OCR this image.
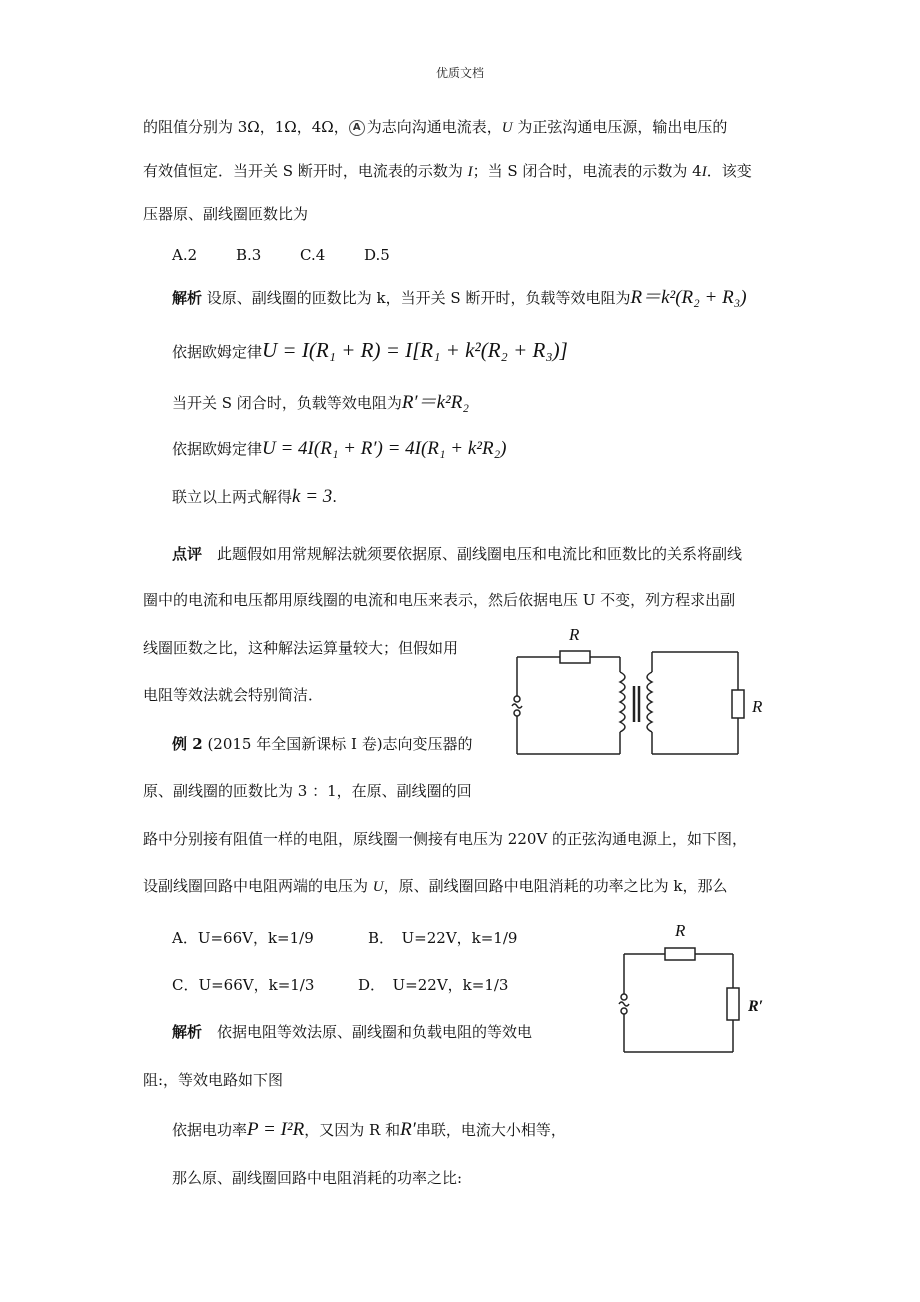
优质文档
的阻值分别为 3Ω，1Ω，4Ω， A 为志向沟通电流表，U 为正弦沟通电压源，输出电压的
有效值恒定．当开关 S 断开时，电流表的示数为 I；当 S 闭合时，电流表的示数为 4I．该变
压器原、副线圈匝数比为
A.2	B.3	C.4	D.5
解析 设原、副线圈的匝数比为 k，当开关 S 断开时，负载等效电阻为R＝k²(R₂ + R₃)
依据欧姆定律U = I(R₁ + R) = I[R₁ + k²(R₂ + R₃)]
当开关 S 闭合时，负载等效电阻为R′＝k²R₂
依据欧姆定律U = 4I(R₁ + R′) = 4I(R₁ + k²R₂)
联立以上两式解得k = 3.
点评　此题假如用常规解法就须要依据原、副线圈电压和电流比和匝数比的关系将副线
圈中的电流和电压都用原线圈的电流和电压来表示，然后依据电压 U 不变，列方程求出副
线圈匝数之比，这种解法运算量较大；但假如用
电阻等效法就会特别简洁．
R
R
例 2 (2015 年全国新课标 I 卷)志向变压器的
原、副线圈的匝数比为 3 ：1，在原、副线圈的回
路中分别接有阻值一样的电阻，原线圈一侧接有电压为 220V 的正弦沟通电源上，如下图，
设副线圈回路中电阻两端的电压为 U，原、副线圈回路中电阻消耗的功率之比为 k，那么
A．U=66V，k=1/9	B．　U=22V，k=1/9
C．U=66V，k=1/3	D．　U=22V，k=1/3
R
R′
解析　依据电阻等效法原、副线圈和负载电阻的等效电
阻:，等效电路如下图
依据电功率P = I²R，又因为 R 和R′串联，电流大小相等，
那么原、副线圈回路中电阻消耗的功率之比:
